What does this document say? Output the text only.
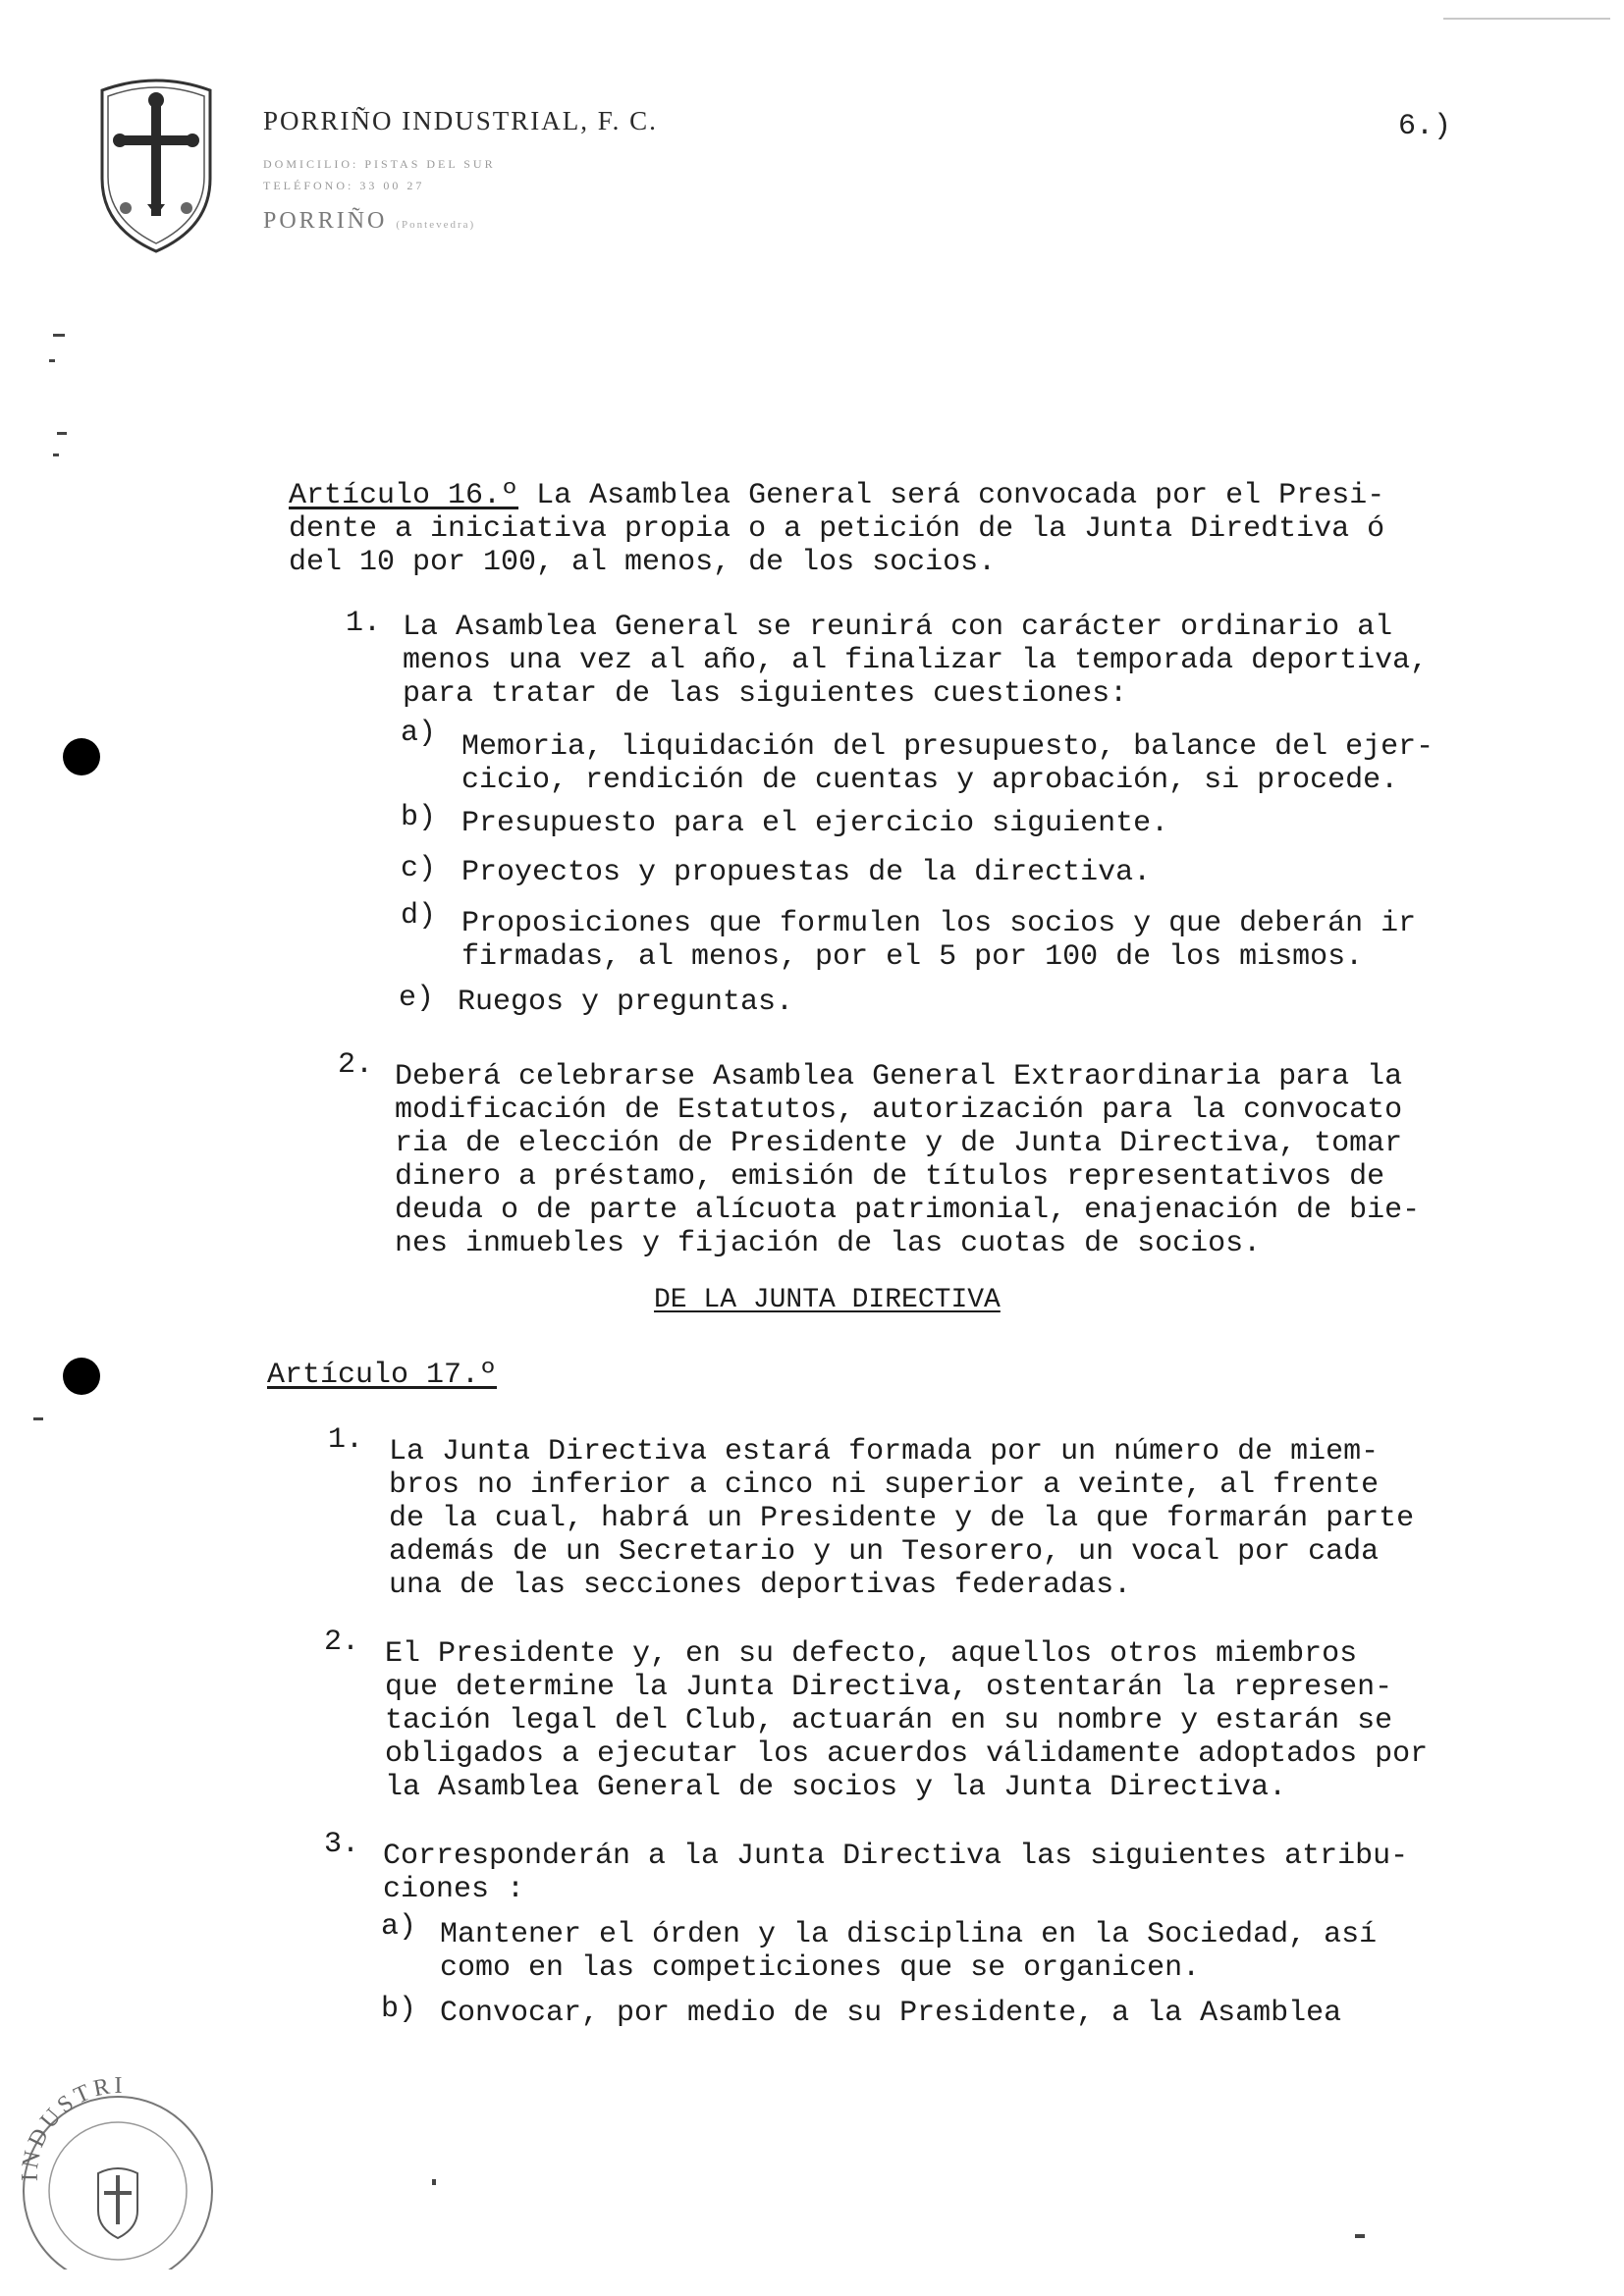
PORRIÑO INDUSTRIAL, F. C.
DOMICILIO: PISTAS DEL SUR
TELÉFONO: 33 00 27
PORRIÑO (Pontevedra)
6.)
Artículo 16.º La Asamblea General será convocada por el Presi-
dente a iniciativa propia o a petición de la Junta Diredtiva ó
del 10 por 100, al menos, de los socios.
1. La Asamblea General se reunirá con carácter ordinario al
menos una vez al año, al finalizar la temporada deportiva,
para tratar de las siguientes cuestiones:
a) Memoria, liquidación del presupuesto, balance del ejer-
cicio, rendición de cuentas y aprobación, si procede.
b) Presupuesto para el ejercicio siguiente.
c) Proyectos y propuestas de la directiva.
d) Proposiciones que formulen los socios y que deberán ir
firmadas, al menos, por el 5 por 100 de los mismos.
e) Ruegos y preguntas.
2. Deberá celebrarse Asamblea General Extraordinaria para la
modificación de Estatutos, autorización para la convocato
ria de elección de Presidente y de Junta Directiva, tomar
dinero a préstamo, emisión de títulos representativos de
deuda o de parte alícuota patrimonial, enajenación de bie-
nes inmuebles y fijación de las cuotas de socios.
DE LA JUNTA DIRECTIVA
Artículo 17.º
1. La Junta Directiva estará formada por un número de miem-
bros no inferior a cinco ni superior a veinte, al frente
de la cual, habrá un Presidente y de la que formarán parte
además de un Secretario y un Tesorero, un vocal por cada
una de las secciones deportivas federadas.
2. El Presidente y, en su defecto, aquellos otros miembros
que determine la Junta Directiva, ostentarán la represen-
tación legal del Club, actuarán en su nombre y estarán se
obligados a ejecutar los acuerdos válidamente adoptados por
la Asamblea General de socios y la Junta Directiva.
3. Corresponderán a la Junta Directiva las siguientes atribu-
ciones :
a) Mantener el órden y la disciplina en la Sociedad, así
como en las competiciones que se organicen.
b) Convocar, por medio de su Presidente, a la Asamblea
INDUSTRI
